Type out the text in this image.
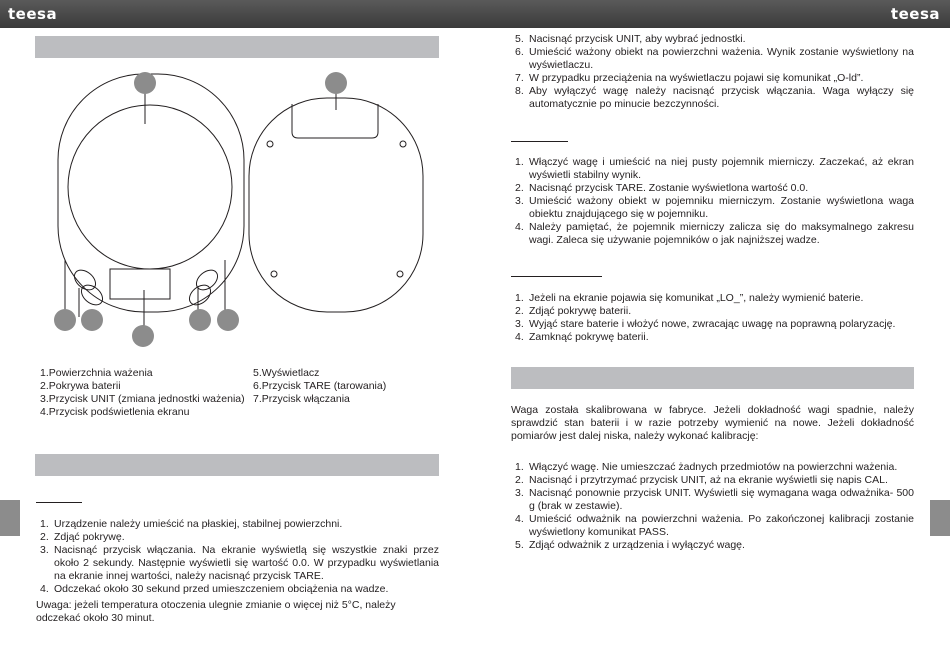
teesa	teesa
1.Powierzchnia ważenia
2.Pokrywa baterii
3.Przycisk UNIT (zmiana jednostki ważenia)
4.Przycisk podświetlenia ekranu
5.Wyświetlacz
6.Przycisk TARE (tarowania)
7.Przycisk włączania
1. Urządzenie należy umieścić na płaskiej, stabilnej powierzchni.
2. Zdjąć pokrywę.
3. Nacisnąć przycisk włączania. Na ekranie wyświetlą się wszystkie znaki przez około 2 sekundy. Następnie wyświetli się wartość 0.0. W przypadku wyświetlania na ekranie innej wartości, należy nacisnąć przycisk TARE.
4. Odczekać około 30 sekund przed umieszczeniem obciążenia na wadze.
Uwaga: jeżeli temperatura otoczenia ulegnie zmianie o więcej niż 5°C, należy odczekać około 30 minut.
5. Nacisnąć przycisk UNIT, aby wybrać jednostki.
6. Umieścić ważony obiekt na powierzchni ważenia. Wynik zostanie wyświetlony na wyświetlaczu.
7. W przypadku przeciążenia na wyświetlaczu pojawi się komunikat „O-ld”.
8. Aby wyłączyć wagę należy nacisnąć przycisk włączania. Waga wyłączy się automatycznie po minucie bezczynności.
1. Włączyć wagę i umieścić na niej pusty pojemnik mierniczy. Zaczekać, aż ekran wyświetli stabilny wynik.
2. Nacisnąć przycisk TARE. Zostanie wyświetlona wartość 0.0.
3. Umieścić ważony obiekt w pojemniku mierniczym. Zostanie wyświetlona waga obiektu znajdującego się w pojemniku.
4. Należy pamiętać, że pojemnik mierniczy zalicza się do maksymalnego zakresu wagi. Zaleca się używanie pojemników o jak najniższej wadze.
1. Jeżeli na ekranie pojawia się komunikat „LO_”, należy wymienić baterie.
2. Zdjąć pokrywę baterii.
3. Wyjąć stare baterie i włożyć nowe, zwracając uwagę na poprawną polaryzację.
4. Zamknąć pokrywę baterii.
Waga została skalibrowana w fabryce. Jeżeli dokładność wagi spadnie, należy sprawdzić stan baterii i w razie potrzeby wymienić na nowe. Jeżeli dokładność pomiarów jest dalej niska, należy wykonać kalibrację:
1. Włączyć wagę. Nie umieszczać żadnych przedmiotów na powierzchni ważenia.
2. Nacisnąć i przytrzymać przycisk UNIT, aż na ekranie wyświetli się napis CAL.
3. Nacisnąć ponownie przycisk UNIT. Wyświetli się wymagana waga odważnika- 500 g (brak w zestawie).
4. Umieścić odważnik na powierzchni ważenia. Po zakończonej kalibracji zostanie wyświetlony komunikat PASS.
5. Zdjąć odważnik z urządzenia i wyłączyć wagę.
